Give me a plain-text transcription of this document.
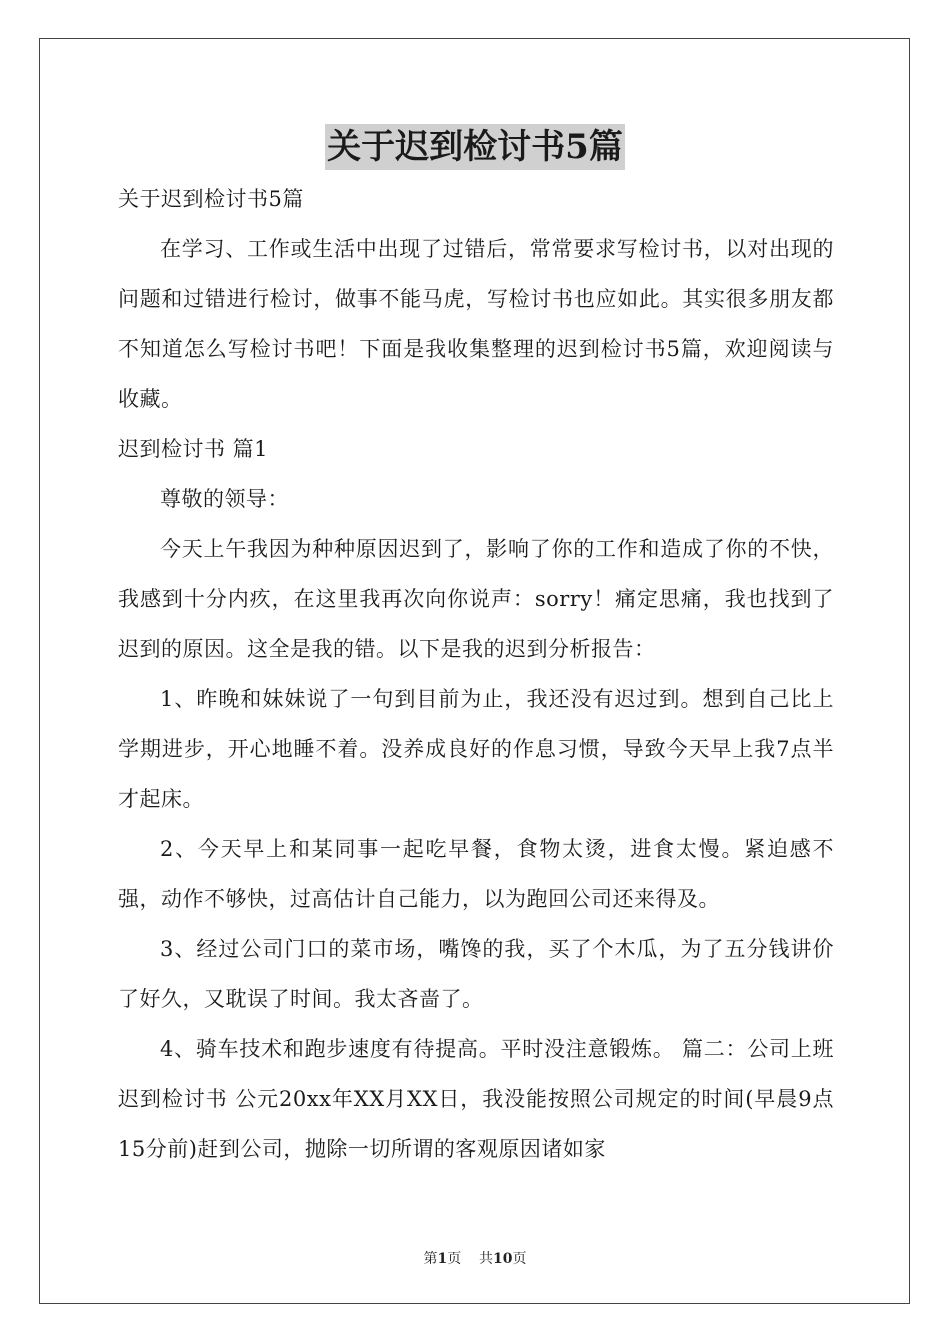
关于迟到检讨书5篇

关于迟到检讨书5篇

在学习、工作或生活中出现了过错后，常常要求写检讨书，以对出现的问题和过错进行检讨，做事不能马虎，写检讨书也应如此。其实很多朋友都不知道怎么写检讨书吧！下面是我收集整理的迟到检讨书5篇，欢迎阅读与收藏。

迟到检讨书 篇1

尊敬的领导：

今天上午我因为种种原因迟到了，影响了你的工作和造成了你的不快，我感到十分内疚，在这里我再次向你说声：sorry！痛定思痛，我也找到了迟到的原因。这全是我的错。以下是我的迟到分析报告：

1、昨晚和妹妹说了一句到目前为止，我还没有迟过到。想到自己比上学期进步，开心地睡不着。没养成良好的作息习惯，导致今天早上我7点半才起床。

2、今天早上和某同事一起吃早餐，食物太烫，进食太慢。紧迫感不强，动作不够快，过高估计自己能力，以为跑回公司还来得及。

3、经过公司门口的菜市场，嘴馋的我，买了个木瓜，为了五分钱讲价了好久，又耽误了时间。我太吝啬了。

4、骑车技术和跑步速度有待提高。平时没注意锻炼。 篇二：公司上班迟到检讨书 公元20xx年XX月XX日，我没能按照公司规定的时间(早晨9点15分前)赶到公司，抛除一切所谓的客观原因诸如家

第1页    共10页
